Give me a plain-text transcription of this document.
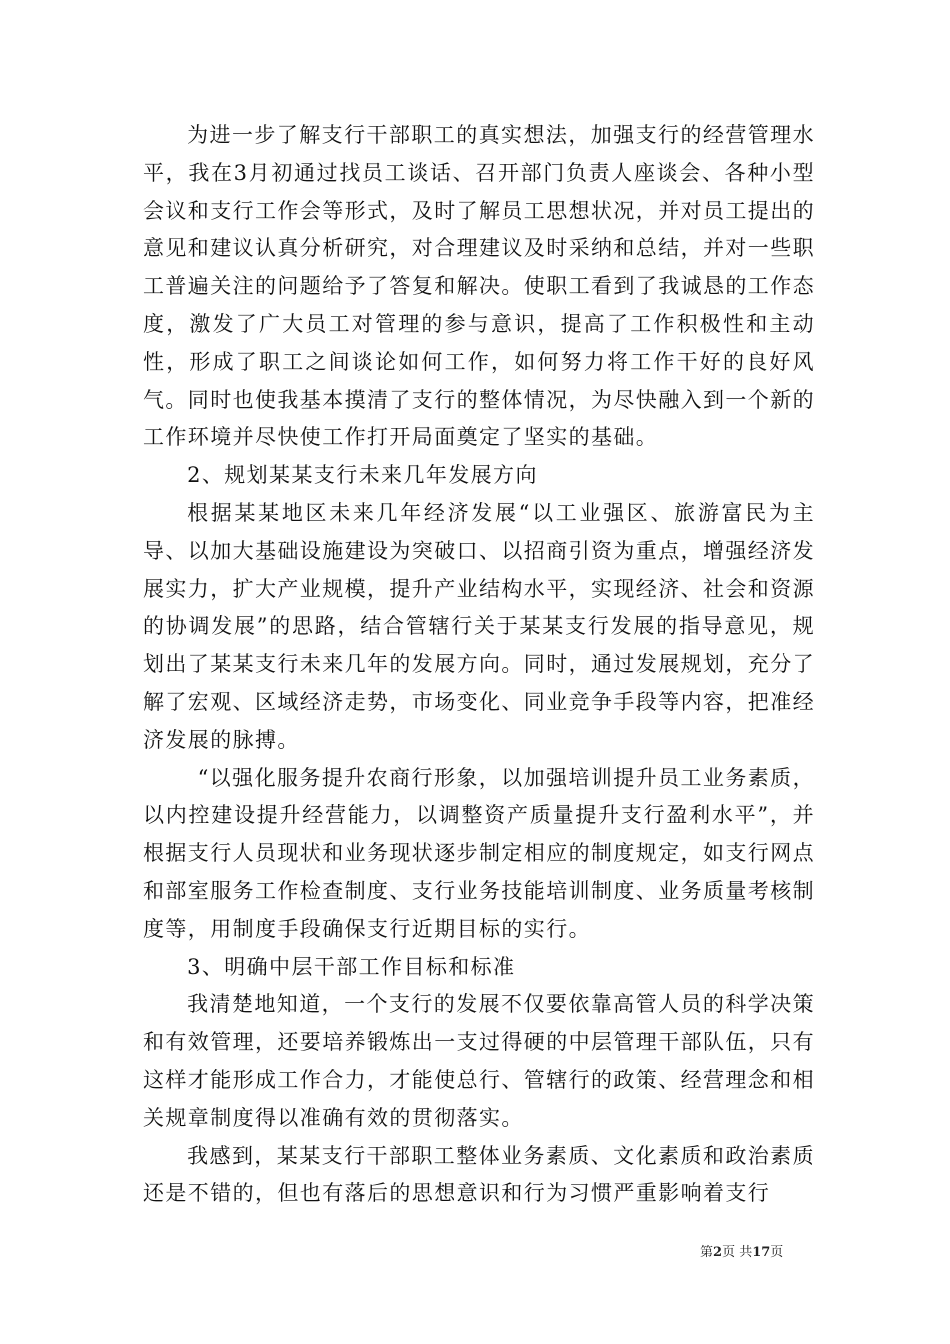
为进一步了解支行干部职工的真实想法，加强支行的经营管理水平，我在3月初通过找员工谈话、召开部门负责人座谈会、各种小型会议和支行工作会等形式，及时了解员工思想状况，并对员工提出的意见和建议认真分析研究，对合理建议及时采纳和总结，并对一些职工普遍关注的问题给予了答复和解决。使职工看到了我诚恳的工作态度，激发了广大员工对管理的参与意识，提高了工作积极性和主动性，形成了职工之间谈论如何工作，如何努力将工作干好的良好风气。同时也使我基本摸清了支行的整体情况，为尽快融入到一个新的工作环境并尽快使工作打开局面奠定了坚实的基础。

2、规划某某支行未来几年发展方向

根据某某地区未来几年经济发展“以工业强区、旅游富民为主导、以加大基础设施建设为突破口、以招商引资为重点，增强经济发展实力，扩大产业规模，提升产业结构水平，实现经济、社会和资源的协调发展”的思路，结合管辖行关于某某支行发展的指导意见，规划出了某某支行未来几年的发展方向。同时，通过发展规划，充分了解了宏观、区域经济走势，市场变化、同业竞争手段等内容，把准经济发展的脉搏。

“以强化服务提升农商行形象，以加强培训提升员工业务素质，以内控建设提升经营能力，以调整资产质量提升支行盈利水平”，并根据支行人员现状和业务现状逐步制定相应的制度规定，如支行网点和部室服务工作检查制度、支行业务技能培训制度、业务质量考核制度等，用制度手段确保支行近期目标的实行。

3、明确中层干部工作目标和标准

我清楚地知道，一个支行的发展不仅要依靠高管人员的科学决策和有效管理，还要培养锻炼出一支过得硬的中层管理干部队伍，只有这样才能形成工作合力，才能使总行、管辖行的政策、经营理念和相关规章制度得以准确有效的贯彻落实。

我感到，某某支行干部职工整体业务素质、文化素质和政治素质还是不错的，但也有落后的思想意识和行为习惯严重影响着支行

第2页 共17页
